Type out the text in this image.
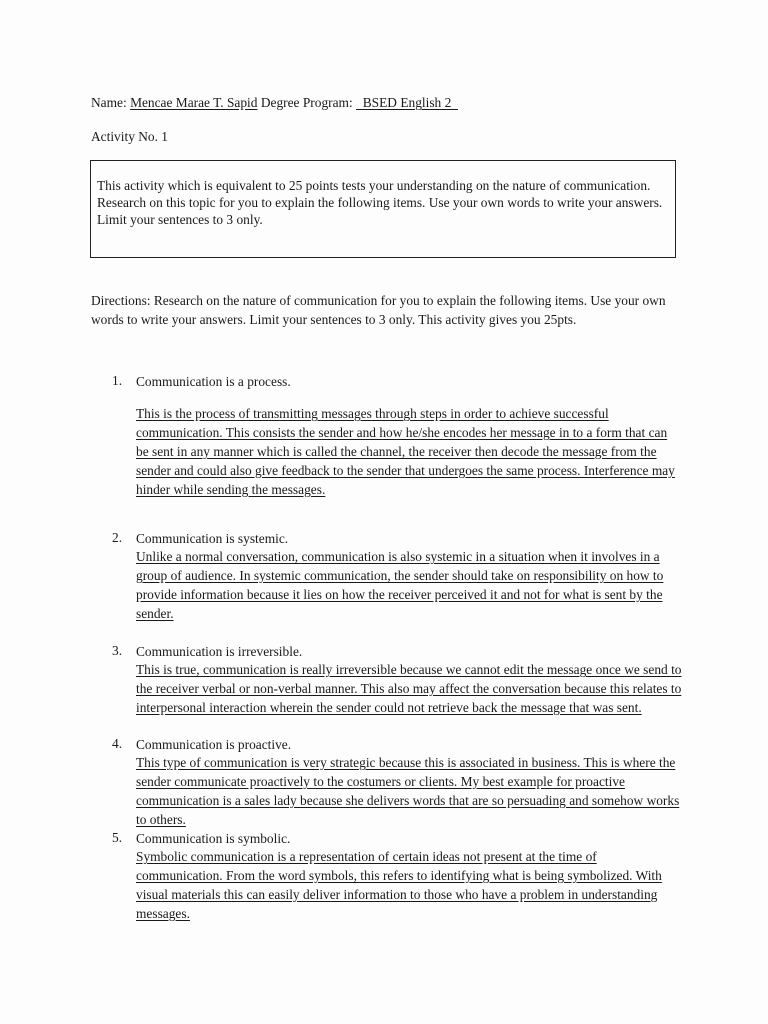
Name: Mencae Marae T. Sapid Degree Program:   BSED English 2
Activity No. 1
This activity which is equivalent to 25 points tests your understanding on the nature of communication. Research on this topic for you to explain the following items. Use your own words to write your answers. Limit your sentences to 3 only.
Directions: Research on the nature of communication for you to explain the following items. Use your own words to write your answers. Limit your sentences to 3 only. This activity gives you 25pts.
1.	Communication is a process.
This is the process of transmitting messages through steps in order to achieve successful communication. This consists the sender and how he/she encodes her message in to a form that can be sent in any manner which is called the channel, the receiver then decode the message from the sender and could also give feedback to the sender that undergoes the same process. Interference may hinder while sending the messages.
2.	Communication is systemic.
Unlike a normal conversation, communication is also systemic in a situation when it involves in a group of audience. In systemic communication, the sender should take on responsibility on how to provide information because it lies on how the receiver perceived it and not for what is sent by the sender.
3.	Communication is irreversible.
This is true, communication is really irreversible because we cannot edit the message once we send to the receiver verbal or non-verbal manner. This also may affect the conversation because this relates to interpersonal interaction wherein the sender could not retrieve back the message that was sent.
4.	Communication is proactive.
This type of communication is very strategic because this is associated in business. This is where the sender communicate proactively to the costumers or clients. My best example for proactive communication is a sales lady because she delivers words that are so persuading and somehow works to others.
5.	Communication is symbolic.
Symbolic communication is a representation of certain ideas not present at the time of communication. From the word symbols, this refers to identifying what is being symbolized. With visual materials this can easily deliver information to those who have a problem in understanding messages.
